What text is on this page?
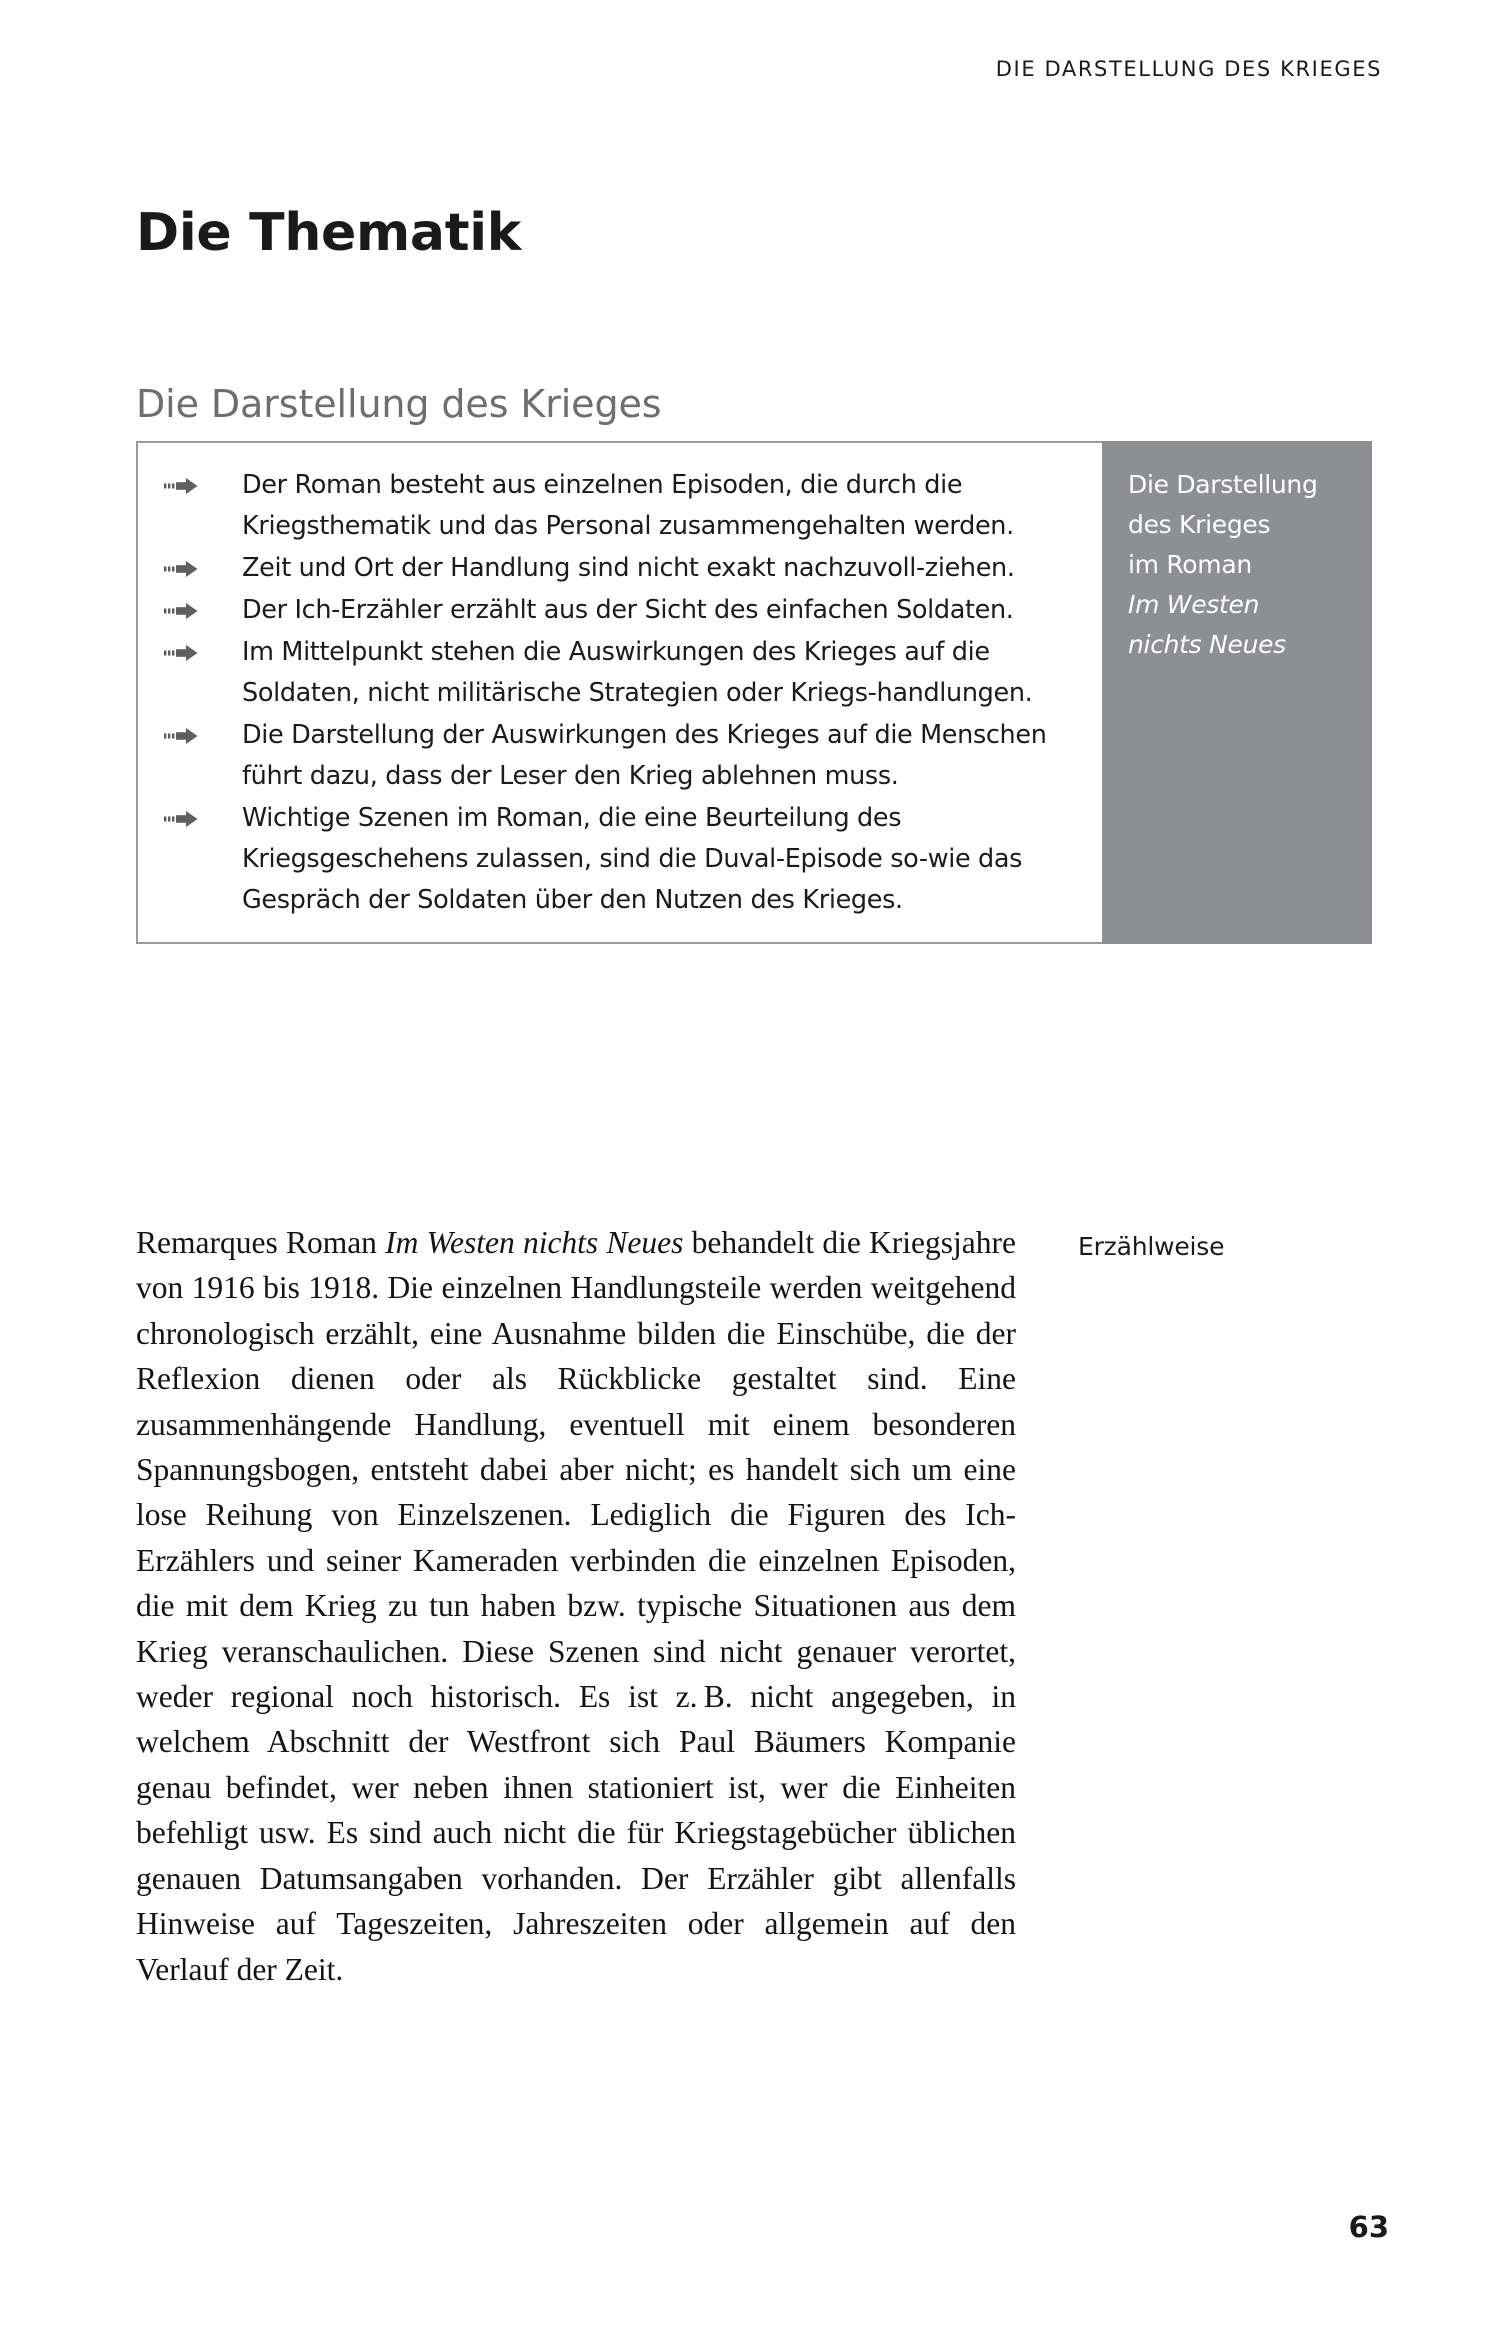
DIE DARSTELLUNG DES KRIEGES
Die Thematik
Die Darstellung des Krieges
Der Roman besteht aus einzelnen Episoden, die durch die Kriegsthematik und das Personal zusammengehalten werden.
Zeit und Ort der Handlung sind nicht exakt nachzuvoll-ziehen.
Der Ich-Erzähler erzählt aus der Sicht des einfachen Soldaten.
Im Mittelpunkt stehen die Auswirkungen des Krieges auf die Soldaten, nicht militärische Strategien oder Kriegs-handlungen.
Die Darstellung der Auswirkungen des Krieges auf die Menschen führt dazu, dass der Leser den Krieg ablehnen muss.
Wichtige Szenen im Roman, die eine Beurteilung des Kriegsgeschehens zulassen, sind die Duval-Episode so-wie das Gespräch der Soldaten über den Nutzen des Krieges.
Die Darstellung
des Krieges
im Roman
Im Westen
nichts Neues
Erzählweise

Remarques Roman Im Westen nichts Neues behandelt die Kriegsjahre von 1916 bis 1918. Die einzelnen Handlungsteile werden weitgehend chronologisch erzählt, eine Ausnahme bilden die Einschübe, die der Reflexion dienen oder als Rückblicke gestaltet sind. Eine zusammenhängende Handlung, eventuell mit einem besonderen Spannungsbogen, entsteht dabei aber nicht; es handelt sich um eine lose Reihung von Einzelszenen. Lediglich die Figuren des Ich-Erzählers und seiner Kameraden verbinden die einzelnen Episoden, die mit dem Krieg zu tun haben bzw. typische Situationen aus dem Krieg veranschaulichen. Diese Szenen sind nicht genauer verortet, weder regional noch historisch. Es ist z. B. nicht angegeben, in welchem Abschnitt der Westfront sich Paul Bäumers Kompanie genau befindet, wer neben ihnen stationiert ist, wer die Einheiten befehligt usw. Es sind auch nicht die für Kriegstagebücher üblichen genauen Datumsangaben vorhanden. Der Erzähler gibt allenfalls Hinweise auf Tageszeiten, Jahreszeiten oder allgemein auf den Verlauf der Zeit.

63
